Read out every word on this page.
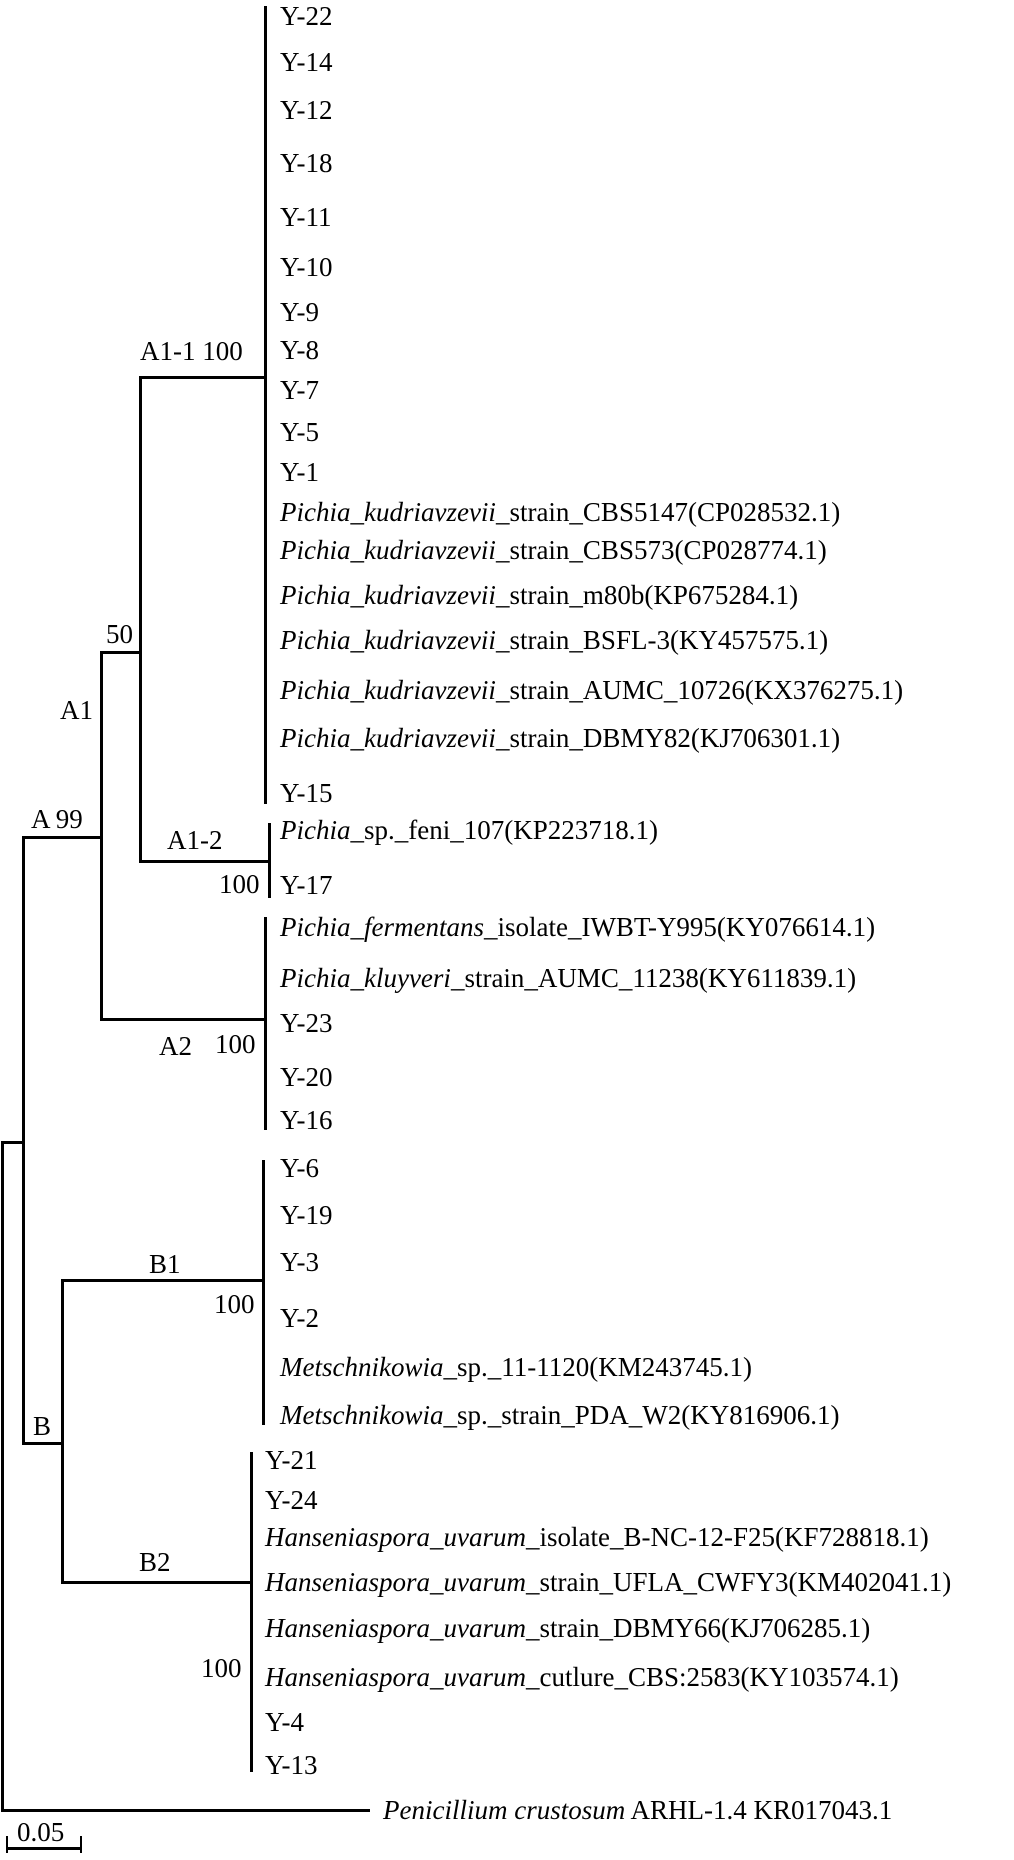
A1-1 100
50
A1
A 99
A1-2
100
A2 100
B1
100
B
B2
100
Y-22
Y-14
Y-12
Y-18
Y-11
Y-10
Y-9
Y-8
Y-7
Y-5
Y-1
Pichia_kudriavzevii_strain_CBS5147(CP028532.1)
Pichia_kudriavzevii_strain_CBS573(CP028774.1)
Pichia_kudriavzevii_strain_m80b(KP675284.1)
Pichia_kudriavzevii_strain_BSFL-3(KY457575.1)
Pichia_kudriavzevii_strain_AUMC_10726(KX376275.1)
Pichia_kudriavzevii_strain_DBMY82(KJ706301.1)
Y-15
Pichia_sp._feni_107(KP223718.1)
Y-17
Pichia_fermentans_isolate_IWBT-Y995(KY076614.1)
Pichia_kluyveri_strain_AUMC_11238(KY611839.1)
Y-23
Y-20
Y-16
Y-6
Y-19
Y-3
Y-2
Metschnikowia_sp._11-1120(KM243745.1)
Metschnikowia_sp._strain_PDA_W2(KY816906.1)
Y-21
Y-24
Hanseniaspora_uvarum_isolate_B-NC-12-F25(KF728818.1)
Hanseniaspora_uvarum_strain_UFLA_CWFY3(KM402041.1)
Hanseniaspora_uvarum_strain_DBMY66(KJ706285.1)
Hanseniaspora_uvarum_cutlure_CBS:2583(KY103574.1)
Y-4
Y-13
Penicillium crustosum ARHL-1.4 KR017043.1
0.05
